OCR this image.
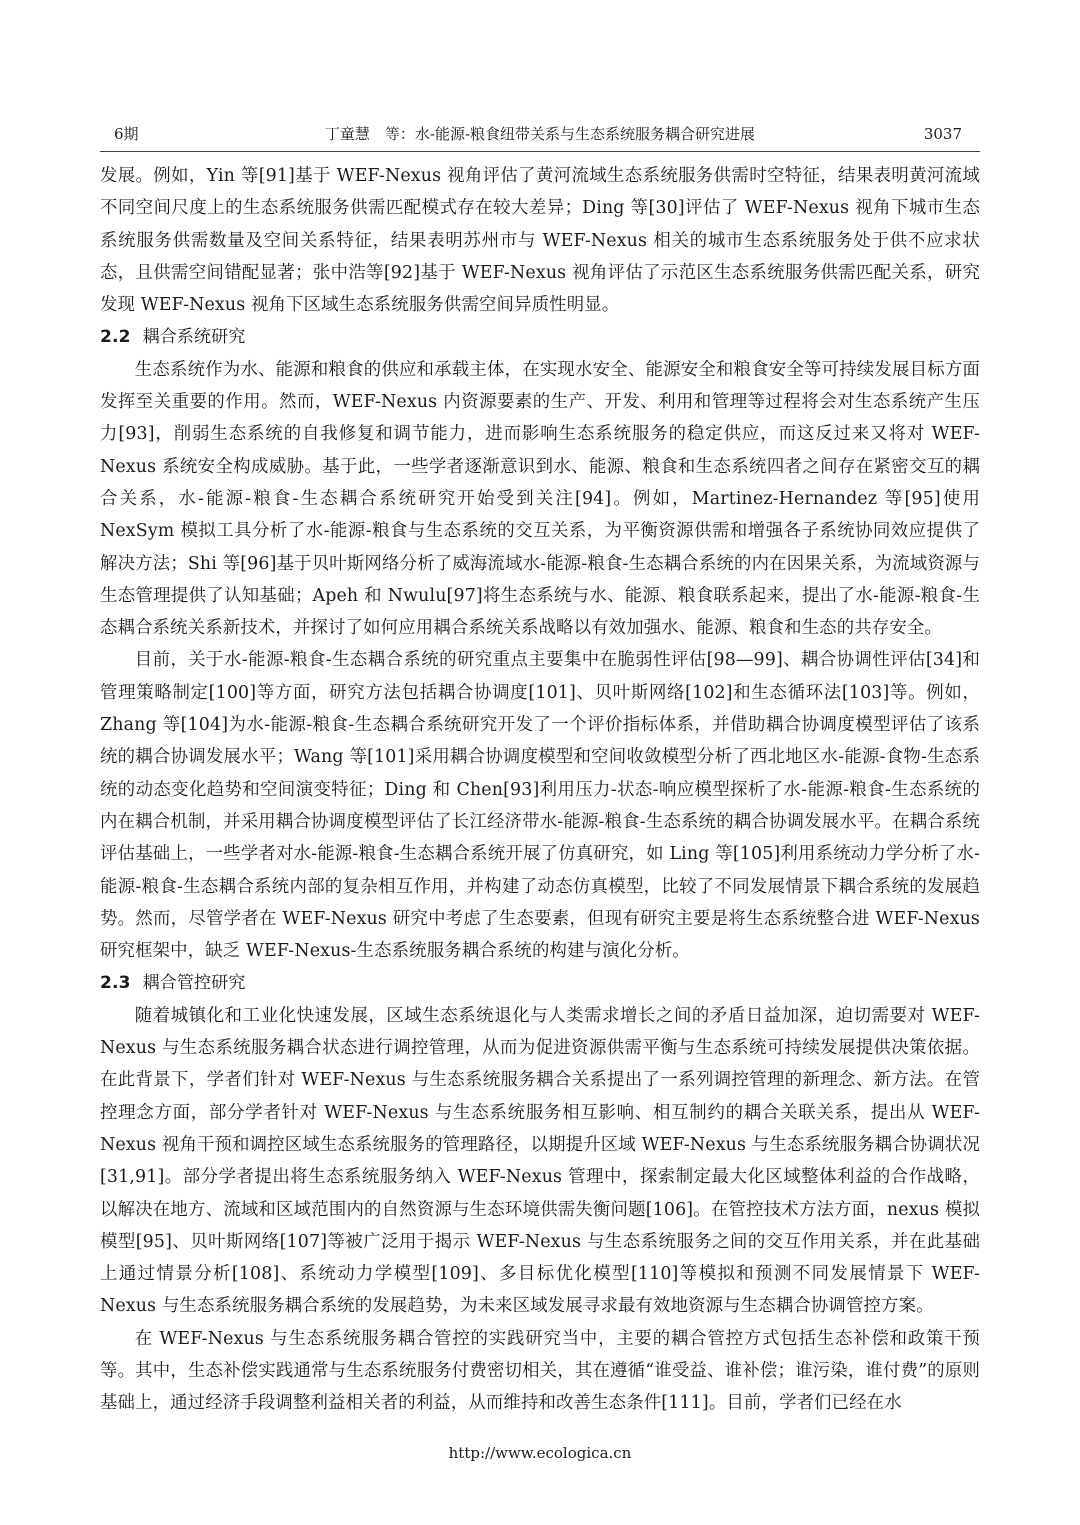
6期	丁童慧　等：水-能源-粮食纽带关系与生态系统服务耦合研究进展	3037

发展。例如，Yin 等[91]基于 WEF-Nexus 视角评估了黄河流域生态系统服务供需时空特征，结果表明黄河流域不同空间尺度上的生态系统服务供需匹配模式存在较大差异；Ding 等[30]评估了 WEF-Nexus 视角下城市生态系统服务供需数量及空间关系特征，结果表明苏州市与 WEF-Nexus 相关的城市生态系统服务处于供不应求状态，且供需空间错配显著；张中浩等[92]基于 WEF-Nexus 视角评估了示范区生态系统服务供需匹配关系，研究发现 WEF-Nexus 视角下区域生态系统服务供需空间异质性明显。

2.2 耦合系统研究

生态系统作为水、能源和粮食的供应和承载主体，在实现水安全、能源安全和粮食安全等可持续发展目标方面发挥至关重要的作用。然而，WEF-Nexus 内资源要素的生产、开发、利用和管理等过程将会对生态系统产生压力[93]，削弱生态系统的自我修复和调节能力，进而影响生态系统服务的稳定供应，而这反过来又将对 WEF-Nexus 系统安全构成威胁。基于此，一些学者逐渐意识到水、能源、粮食和生态系统四者之间存在紧密交互的耦合关系，水-能源-粮食-生态耦合系统研究开始受到关注[94]。例如，Martinez-Hernandez 等[95]使用 NexSym 模拟工具分析了水-能源-粮食与生态系统的交互关系，为平衡资源供需和增强各子系统协同效应提供了解决方法；Shi 等[96]基于贝叶斯网络分析了威海流域水-能源-粮食-生态耦合系统的内在因果关系，为流域资源与生态管理提供了认知基础；Apeh 和 Nwulu[97]将生态系统与水、能源、粮食联系起来，提出了水-能源-粮食-生态耦合系统关系新技术，并探讨了如何应用耦合系统关系战略以有效加强水、能源、粮食和生态的共存安全。

目前，关于水-能源-粮食-生态耦合系统的研究重点主要集中在脆弱性评估[98—99]、耦合协调性评估[34]和管理策略制定[100]等方面，研究方法包括耦合协调度[101]、贝叶斯网络[102]和生态循环法[103]等。例如，Zhang 等[104]为水-能源-粮食-生态耦合系统研究开发了一个评价指标体系，并借助耦合协调度模型评估了该系统的耦合协调发展水平；Wang 等[101]采用耦合协调度模型和空间收敛模型分析了西北地区水-能源-食物-生态系统的动态变化趋势和空间演变特征；Ding 和 Chen[93]利用压力-状态-响应模型探析了水-能源-粮食-生态系统的内在耦合机制，并采用耦合协调度模型评估了长江经济带水-能源-粮食-生态系统的耦合协调发展水平。在耦合系统评估基础上，一些学者对水-能源-粮食-生态耦合系统开展了仿真研究，如 Ling 等[105]利用系统动力学分析了水-能源-粮食-生态耦合系统内部的复杂相互作用，并构建了动态仿真模型，比较了不同发展情景下耦合系统的发展趋势。然而，尽管学者在 WEF-Nexus 研究中考虑了生态要素，但现有研究主要是将生态系统整合进 WEF-Nexus 研究框架中，缺乏 WEF-Nexus-生态系统服务耦合系统的构建与演化分析。

2.3 耦合管控研究

随着城镇化和工业化快速发展，区域生态系统退化与人类需求增长之间的矛盾日益加深，迫切需要对 WEF-Nexus 与生态系统服务耦合状态进行调控管理，从而为促进资源供需平衡与生态系统可持续发展提供决策依据。在此背景下，学者们针对 WEF-Nexus 与生态系统服务耦合关系提出了一系列调控管理的新理念、新方法。在管控理念方面，部分学者针对 WEF-Nexus 与生态系统服务相互影响、相互制约的耦合关联关系，提出从 WEF-Nexus 视角干预和调控区域生态系统服务的管理路径，以期提升区域 WEF-Nexus 与生态系统服务耦合协调状况[31,91]。部分学者提出将生态系统服务纳入 WEF-Nexus 管理中，探索制定最大化区域整体利益的合作战略，以解决在地方、流域和区域范围内的自然资源与生态环境供需失衡问题[106]。在管控技术方法方面，nexus 模拟模型[95]、贝叶斯网络[107]等被广泛用于揭示 WEF-Nexus 与生态系统服务之间的交互作用关系，并在此基础上通过情景分析[108]、系统动力学模型[109]、多目标优化模型[110]等模拟和预测不同发展情景下 WEF-Nexus 与生态系统服务耦合系统的发展趋势，为未来区域发展寻求最有效地资源与生态耦合协调管控方案。

在 WEF-Nexus 与生态系统服务耦合管控的实践研究当中，主要的耦合管控方式包括生态补偿和政策干预等。其中，生态补偿实践通常与生态系统服务付费密切相关，其在遵循“谁受益、谁补偿；谁污染，谁付费”的原则基础上，通过经济手段调整利益相关者的利益，从而维持和改善生态条件[111]。目前，学者们已经在水

http://www.ecologica.cn
